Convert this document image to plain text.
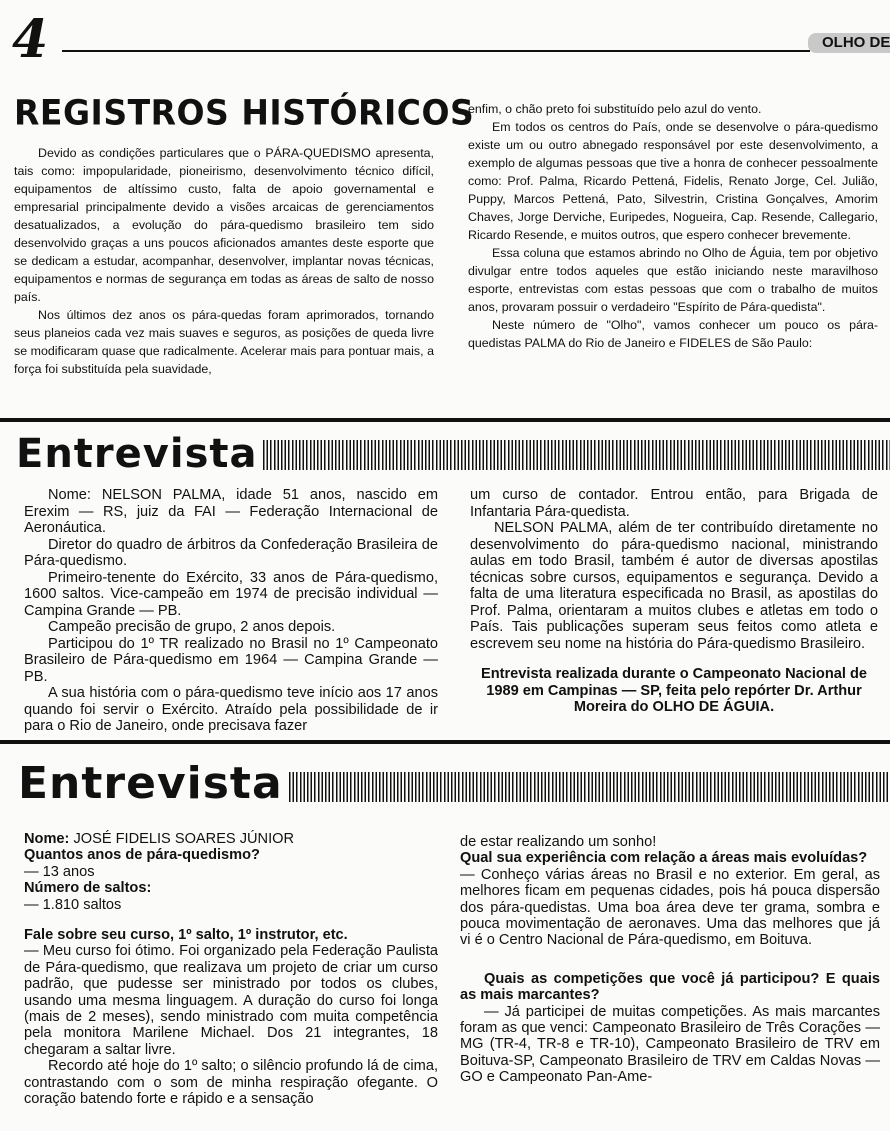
4	OLHO DE
REGISTROS HISTÓRICOS

Devido as condições particulares que o PÁRA-QUEDISMO apresenta, tais como: impopularidade, pioneirismo, desenvolvimento técnico difícil, equipamentos de altíssimo custo, falta de apoio governamental e empresarial principalmente devido a visões arcaicas de gerenciamentos desatualizados, a evolução do pára-quedismo brasileiro tem sido desenvolvido graças a uns poucos aficionados amantes deste esporte que se dedicam a estudar, acompanhar, desenvolver, implantar novas técnicas, equipamentos e normas de segurança em todas as áreas de salto de nosso país.

Nos últimos dez anos os pára-quedas foram aprimorados, tornando seus planeios cada vez mais suaves e seguros, as posições de queda livre se modificaram quase que radicalmente. Acelerar mais para pontuar mais, a força foi substituída pela suavidade,

enfim, o chão preto foi substituído pelo azul do vento.

Em todos os centros do País, onde se desenvolve o pára-quedismo existe um ou outro abnegado responsável por este desenvolvimento, a exemplo de algumas pessoas que tive a honra de conhecer pessoalmente como: Prof. Palma, Ricardo Pettená, Fidelis, Renato Jorge, Cel. Julião, Puppy, Marcos Pettená, Pato, Silvestrin, Cristina Gonçalves, Amorim Chaves, Jorge Derviche, Euripedes, Nogueira, Cap. Resende, Callegario, Ricardo Resende, e muitos outros, que espero conhecer brevemente.

Essa coluna que estamos abrindo no Olho de Águia, tem por objetivo divulgar entre todos aqueles que estão iniciando neste maravilhoso esporte, entrevistas com estas pessoas que com o trabalho de muitos anos, provaram possuir o verdadeiro "Espírito de Pára-quedista".

Neste número de "Olho", vamos conhecer um pouco os pára-quedistas PALMA do Rio de Janeiro e FIDELES de São Paulo:

Entrevista

Nome: NELSON PALMA, idade 51 anos, nascido em Erexim — RS, juiz da FAI — Federação Internacional de Aeronáutica.

Diretor do quadro de árbitros da Confederação Brasileira de Pára-quedismo.

Primeiro-tenente do Exército, 33 anos de Pára-quedismo, 1600 saltos. Vice-campeão em 1974 de precisão individual — Campina Grande — PB.

Campeão precisão de grupo, 2 anos depois.

Participou do 1º TR realizado no Brasil no 1º Campeonato Brasileiro de Pára-quedismo em 1964 — Campina Grande — PB.

A sua história com o pára-quedismo teve início aos 17 anos quando foi servir o Exército. Atraído pela possibilidade de ir para o Rio de Janeiro, onde precisava fazer

um curso de contador. Entrou então, para Brigada de Infantaria Pára-quedista.

NELSON PALMA, além de ter contribuído diretamente no desenvolvimento do pára-quedismo nacional, ministrando aulas em todo Brasil, também é autor de diversas apostilas técnicas sobre cursos, equipamentos e segurança. Devido a falta de uma literatura especificada no Brasil, as apostilas do Prof. Palma, orientaram a muitos clubes e atletas em todo o País. Tais publicações superam seus feitos como atleta e escrevem seu nome na história do Pára-quedismo Brasileiro.

Entrevista realizada durante o Campeonato Nacional de 1989 em Campinas — SP, feita pelo repórter Dr. Arthur Moreira do OLHO DE ÁGUIA.

Entrevista

Nome: JOSÉ FIDELIS SOARES JÚNIOR

Quantos anos de pára-quedismo?

— 13 anos

Número de saltos:

— 1.810 saltos

Fale sobre seu curso, 1º salto, 1º instrutor, etc.

— Meu curso foi ótimo. Foi organizado pela Federação Paulista de Pára-quedismo, que realizava um projeto de criar um curso padrão, que pudesse ser ministrado por todos os clubes, usando uma mesma linguagem. A duração do curso foi longa (mais de 2 meses), sendo ministrado com muita competência pela monitora Marilene Michael. Dos 21 integrantes, 18 chegaram a saltar livre.

Recordo até hoje do 1º salto; o silêncio profundo lá de cima, contrastando com o som de minha respiração ofegante. O coração batendo forte e rápido e a sensação

de estar realizando um sonho!

Qual sua experiência com relação a áreas mais evoluídas?

— Conheço várias áreas no Brasil e no exterior. Em geral, as melhores ficam em pequenas cidades, pois há pouca dispersão dos pára-quedistas. Uma boa área deve ter grama, sombra e pouca movimentação de aeronaves. Uma das melhores que já vi é o Centro Nacional de Pára-quedismo, em Boituva.

Quais as competições que você já participou? E quais as mais marcantes?

— Já participei de muitas competições. As mais marcantes foram as que venci: Campeonato Brasileiro de Três Corações — MG (TR-4, TR-8 e TR-10), Campeonato Brasileiro de TRV em Boituva-SP, Campeonato Brasileiro de TRV em Caldas Novas — GO e Campeonato Pan-Ame-
